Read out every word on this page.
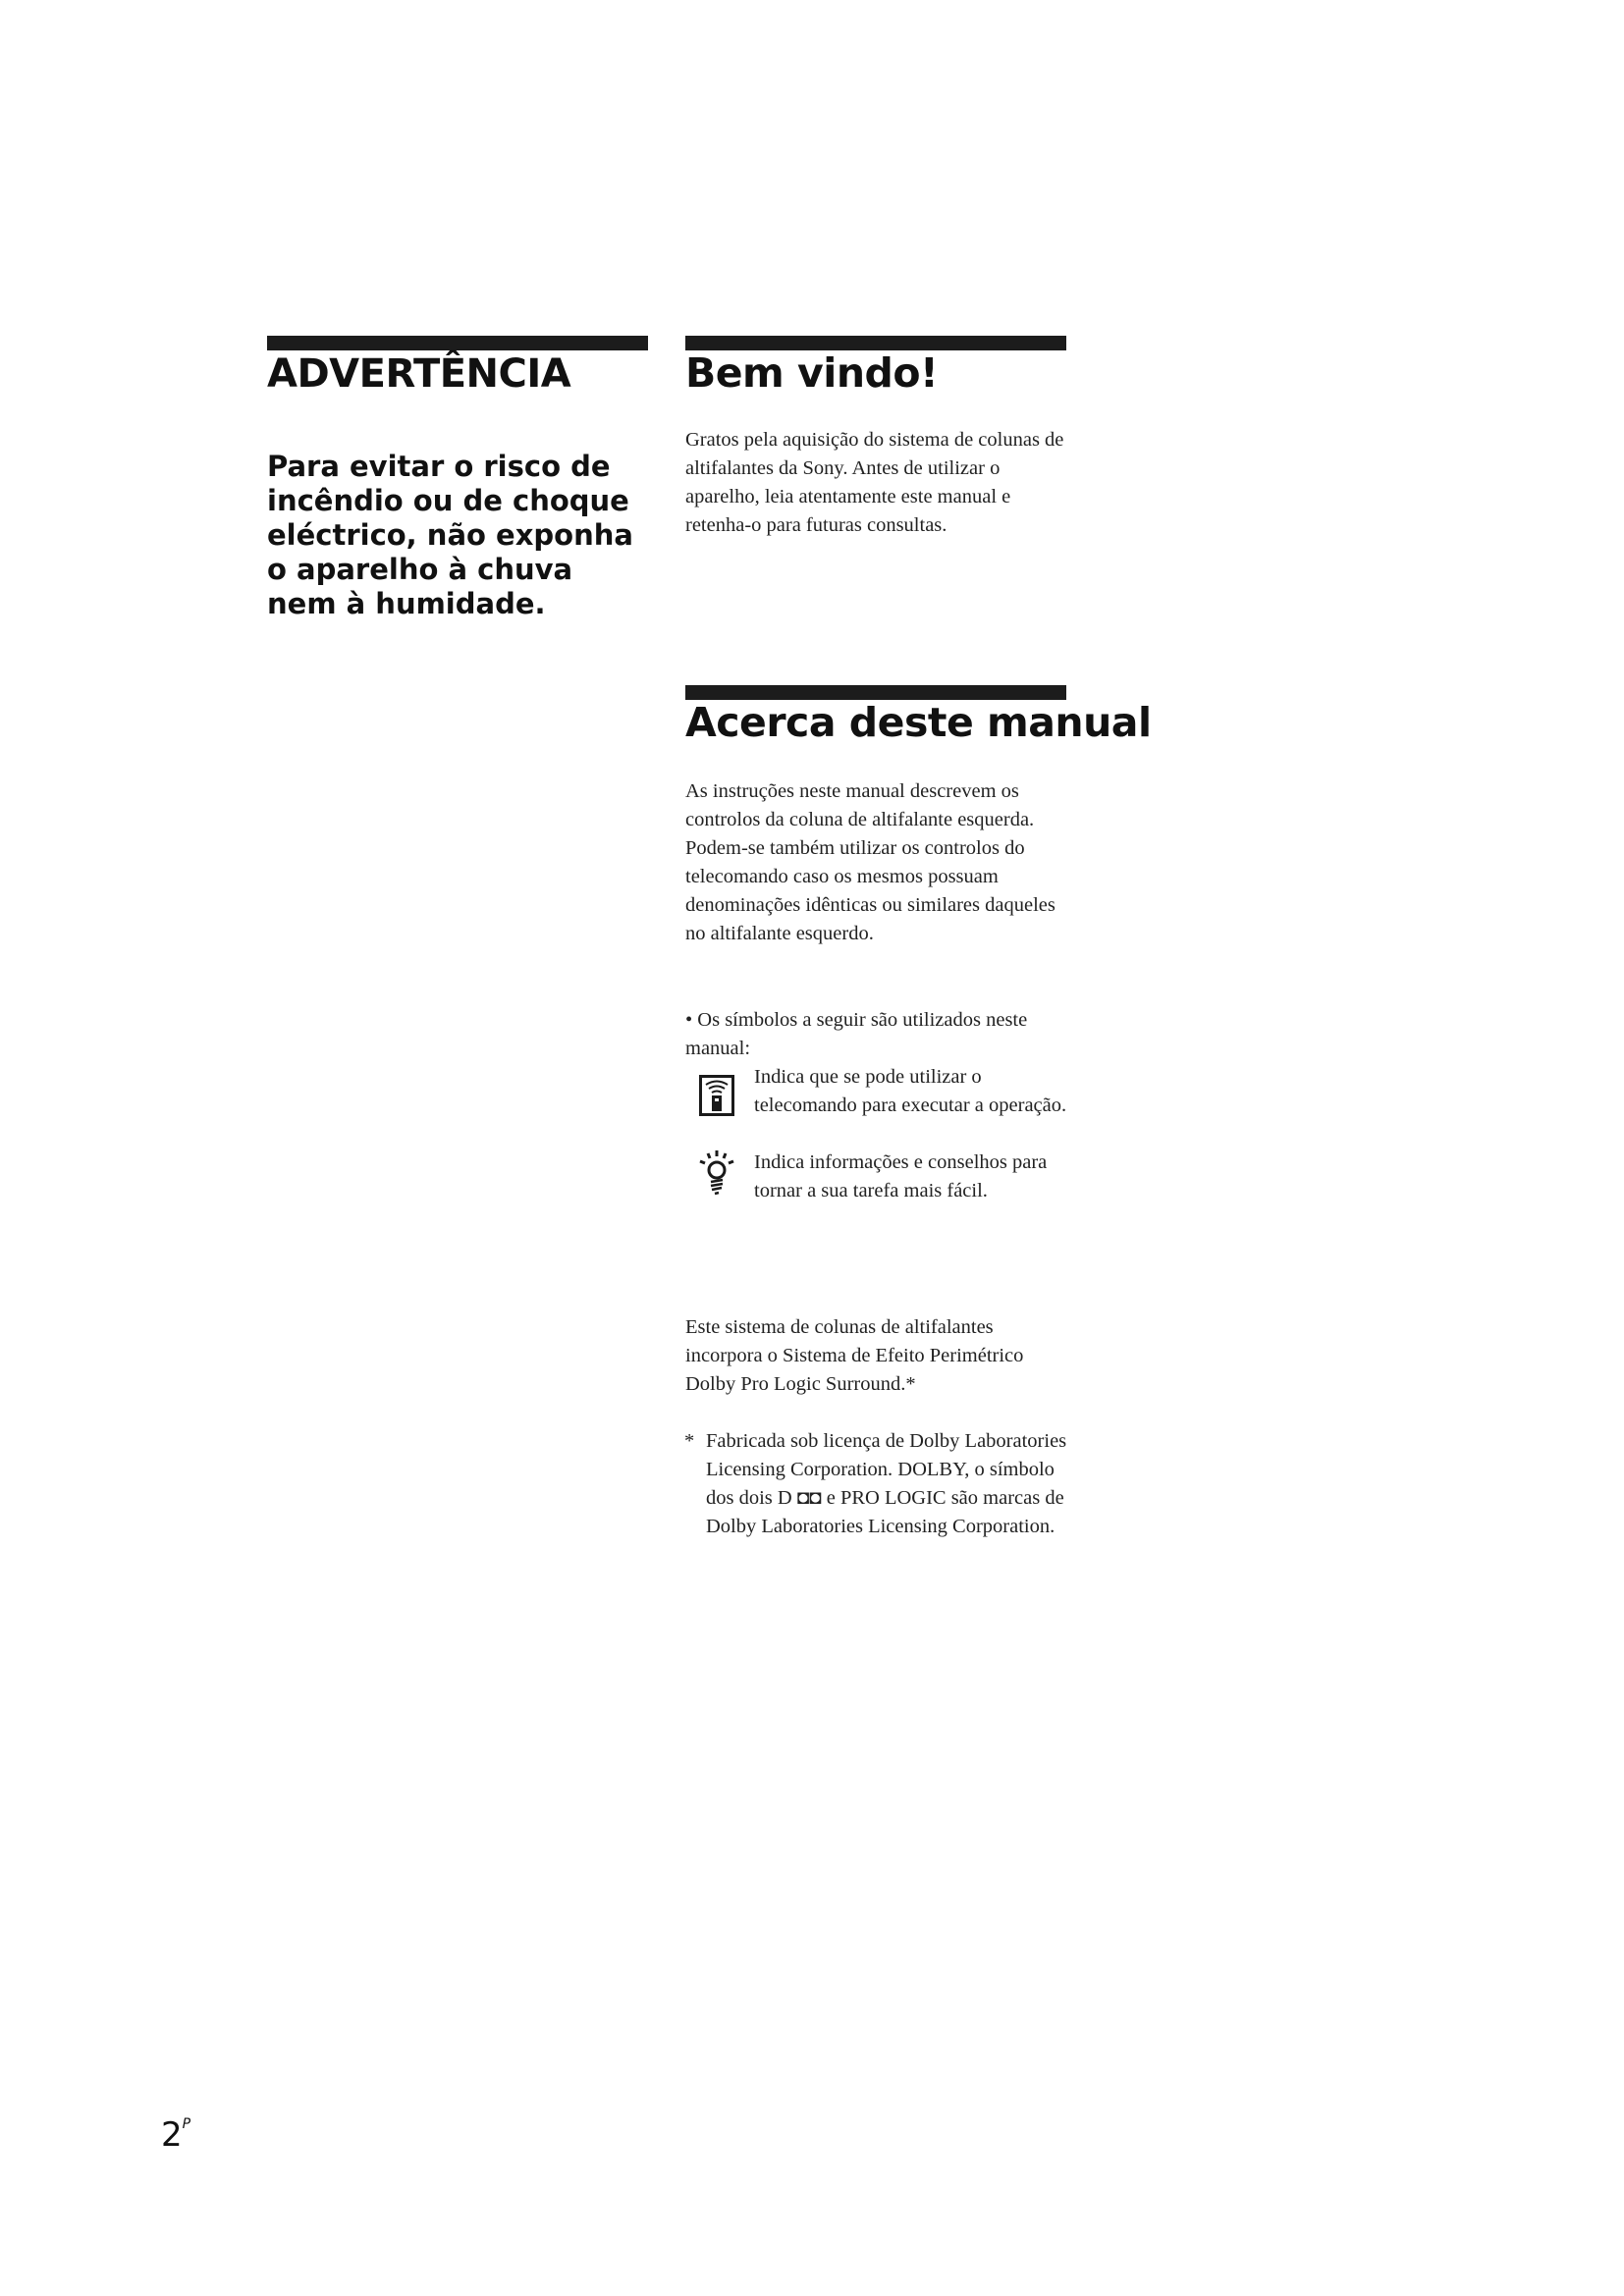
ADVERTÊNCIA

Para evitar o risco de incêndio ou de choque eléctrico, não exponha o aparelho à chuva nem à humidade.

Bem vindo!

Gratos pela aquisição do sistema de colunas de altifalantes da Sony. Antes de utilizar o aparelho, leia atentamente este manual e retenha-o para futuras consultas.

Acerca deste manual

As instruções neste manual descrevem os controlos da coluna de altifalante esquerda. Podem-se também utilizar os controlos do telecomando caso os mesmos possuam denominações idênticas ou similares daqueles no altifalante esquerdo.

• Os símbolos a seguir são utilizados neste manual:
Indica que se pode utilizar o telecomando para executar a operação.
Indica informações e conselhos para tornar a sua tarefa mais fácil.

Este sistema de colunas de altifalantes incorpora o Sistema de Efeito Perimétrico Dolby Pro Logic Surround.*

* Fabricada sob licença de Dolby Laboratories Licensing Corporation. DOLBY, o símbolo dos dois D ◘◘ e PRO LOGIC são marcas de Dolby Laboratories Licensing Corporation.

$2^P$
